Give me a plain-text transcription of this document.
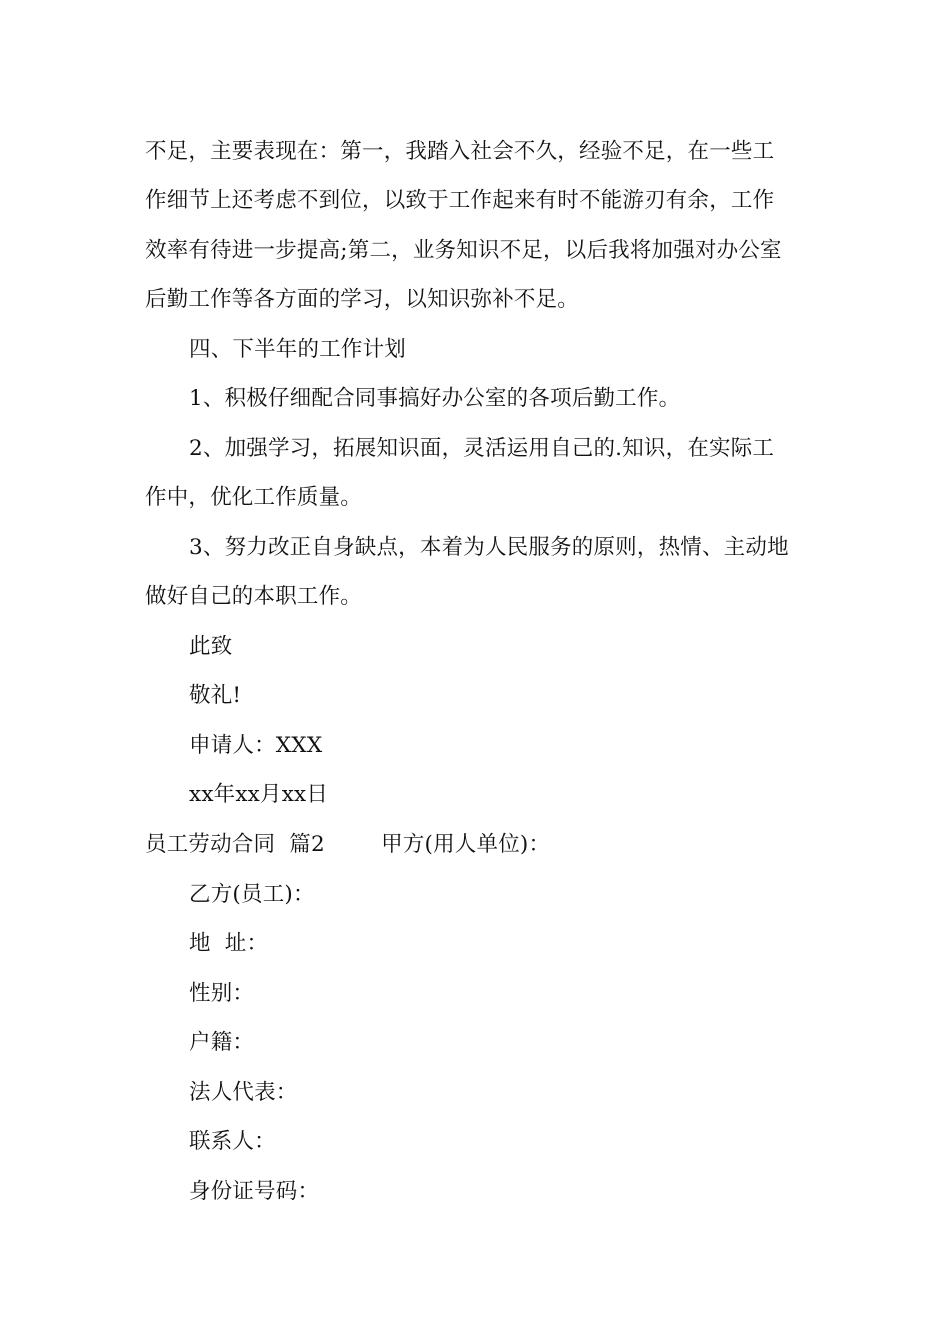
不足，主要表现在：第一，我踏入社会不久，经验不足，在一些工
作细节上还考虑不到位，以致于工作起来有时不能游刃有余，工作
效率有待进一步提高;第二，业务知识不足，以后我将加强对办公室
后勤工作等各方面的学习，以知识弥补不足。
四、下半年的工作计划
1、积极仔细配合同事搞好办公室的各项后勤工作。
2、加强学习，拓展知识面，灵活运用自己的.知识，在实际工
作中，优化工作质量。
3、努力改正自身缺点，本着为人民服务的原则，热情、主动地
做好自己的本职工作。
此致
敬礼!
申请人：XXX
xx年xx月xx日
员工劳动合同  篇2        甲方(用人单位)：
乙方(员工)：
地  址：
性别：
户籍：
法人代表：
联系人：
身份证号码：
